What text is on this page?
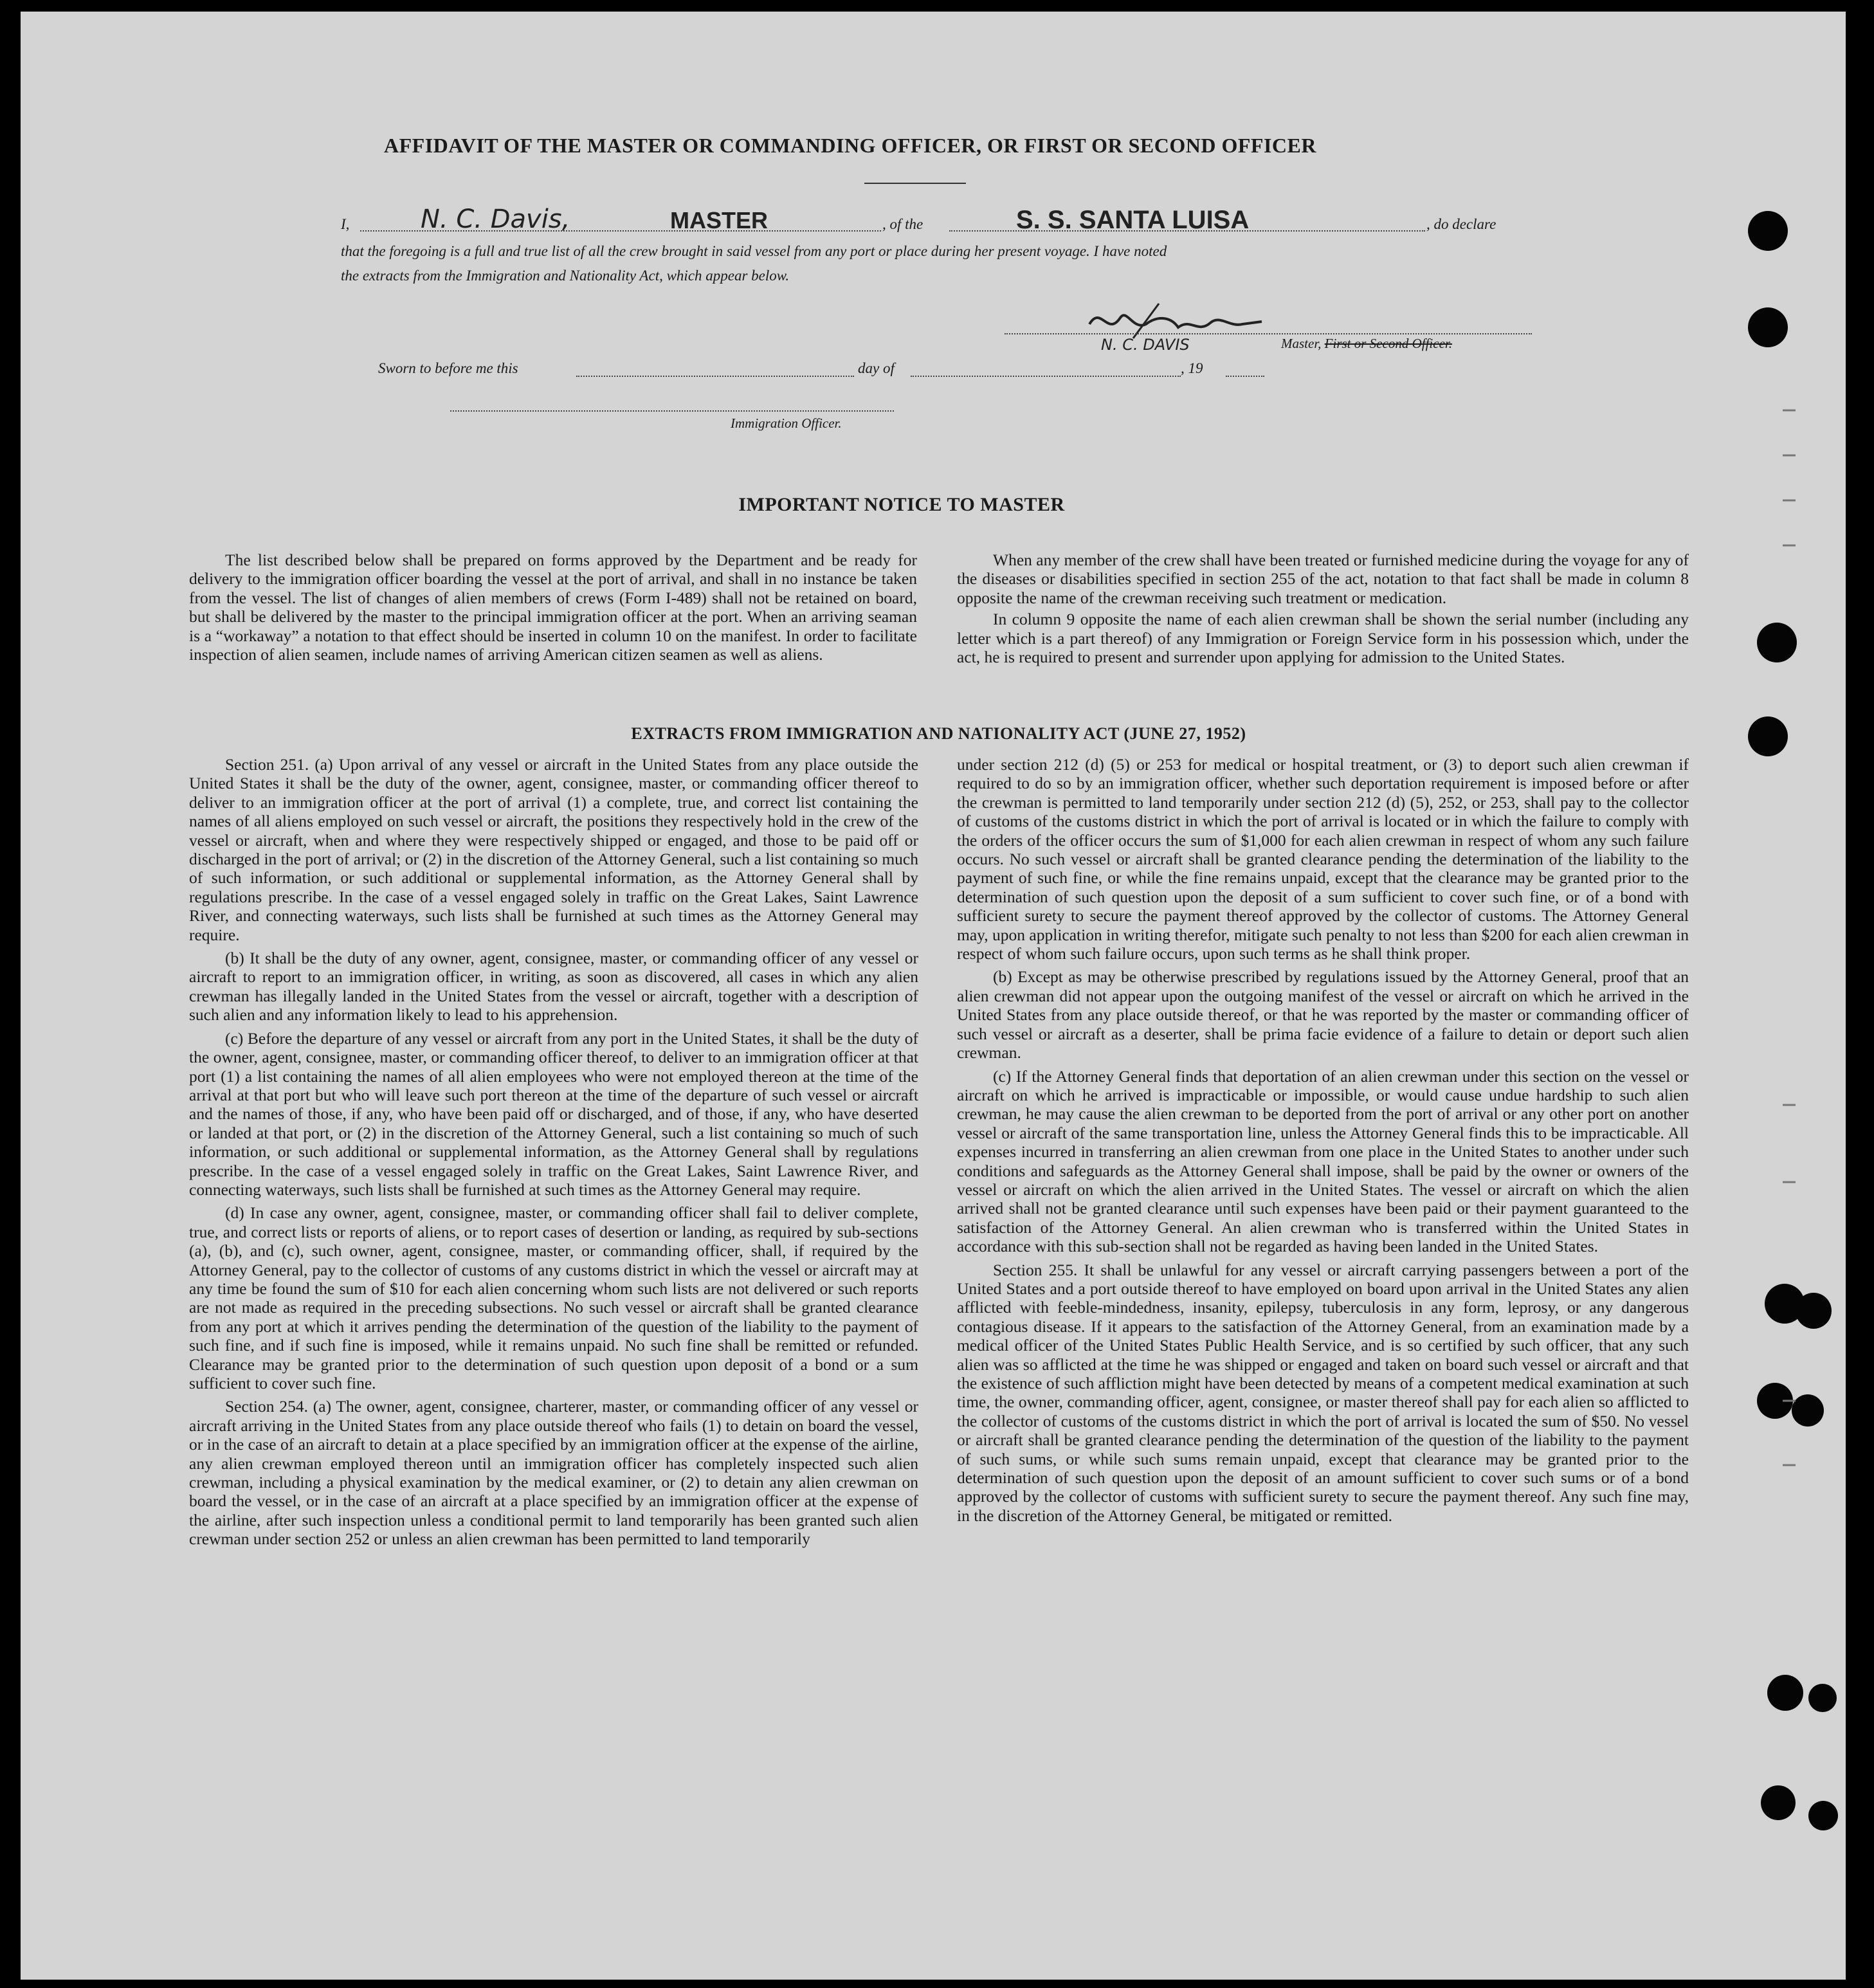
AFFIDAVIT OF THE MASTER OR COMMANDING OFFICER, OR FIRST OR SECOND OFFICER
I,	N. C. Davis,	MASTER	, of the	S. S. SANTA LUISA	, do declare
that the foregoing is a full and true list of all the crew brought in said vessel from any port or place during her present voyage. I have noted
the extracts from the Immigration and Nationality Act, which appear below.
N. C. DAVIS	Master, First or Second Officer.
Sworn to before me this	day of	, 19
Immigration Officer.
IMPORTANT NOTICE TO MASTER

The list described below shall be prepared on forms approved by the Department and be ready for delivery to the immigration officer boarding the vessel at the port of arrival, and shall in no instance be taken from the vessel. The list of changes of alien members of crews (Form I-489) shall not be retained on board, but shall be delivered by the master to the principal immigration officer at the port. When an arriving seaman is a “workaway” a notation to that effect should be inserted in column 10 on the manifest. In order to facilitate inspection of alien seamen, include names of arriving American citizen seamen as well as aliens.

When any member of the crew shall have been treated or furnished medicine during the voyage for any of the diseases or disabilities specified in section 255 of the act, notation to that fact shall be made in column 8 opposite the name of the crewman receiving such treatment or medication.

In column 9 opposite the name of each alien crewman shall be shown the serial number (including any letter which is a part thereof) of any Immigration or Foreign Service form in his possession which, under the act, he is required to present and surrender upon applying for admission to the United States.

EXTRACTS FROM IMMIGRATION AND NATIONALITY ACT (JUNE 27, 1952)

Section 251. (a) Upon arrival of any vessel or aircraft in the United States from any place outside the United States it shall be the duty of the owner, agent, consignee, master, or commanding officer thereof to deliver to an immigration officer at the port of arrival (1) a complete, true, and correct list containing the names of all aliens employed on such vessel or aircraft, the positions they respectively hold in the crew of the vessel or aircraft, when and where they were respectively shipped or engaged, and those to be paid off or discharged in the port of arrival; or (2) in the discretion of the Attorney General, such a list containing so much of such information, or such additional or supplemental information, as the Attorney General shall by regulations prescribe. In the case of a vessel engaged solely in traffic on the Great Lakes, Saint Lawrence River, and connecting waterways, such lists shall be furnished at such times as the Attorney General may require.

(b) It shall be the duty of any owner, agent, consignee, master, or commanding officer of any vessel or aircraft to report to an immigration officer, in writing, as soon as discovered, all cases in which any alien crewman has illegally landed in the United States from the vessel or aircraft, together with a description of such alien and any information likely to lead to his apprehension.

(c) Before the departure of any vessel or aircraft from any port in the United States, it shall be the duty of the owner, agent, consignee, master, or commanding officer thereof, to deliver to an immigration officer at that port (1) a list containing the names of all alien employees who were not employed thereon at the time of the arrival at that port but who will leave such port thereon at the time of the departure of such vessel or aircraft and the names of those, if any, who have been paid off or discharged, and of those, if any, who have deserted or landed at that port, or (2) in the discretion of the Attorney General, such a list containing so much of such information, or such additional or supplemental information, as the Attorney General shall by regulations prescribe. In the case of a vessel engaged solely in traffic on the Great Lakes, Saint Lawrence River, and connecting waterways, such lists shall be furnished at such times as the Attorney General may require.

(d) In case any owner, agent, consignee, master, or commanding officer shall fail to deliver complete, true, and correct lists or reports of aliens, or to report cases of desertion or landing, as required by sub-sections (a), (b), and (c), such owner, agent, consignee, master, or commanding officer, shall, if required by the Attorney General, pay to the collector of customs of any customs district in which the vessel or aircraft may at any time be found the sum of $10 for each alien concerning whom such lists are not delivered or such reports are not made as required in the preceding subsections. No such vessel or aircraft shall be granted clearance from any port at which it arrives pending the determination of the question of the liability to the payment of such fine, and if such fine is imposed, while it remains unpaid. No such fine shall be remitted or refunded. Clearance may be granted prior to the determination of such question upon deposit of a bond or a sum sufficient to cover such fine.

Section 254. (a) The owner, agent, consignee, charterer, master, or commanding officer of any vessel or aircraft arriving in the United States from any place outside thereof who fails (1) to detain on board the vessel, or in the case of an aircraft to detain at a place specified by an immigration officer at the expense of the airline, any alien crewman employed thereon until an immigration officer has completely inspected such alien crewman, including a physical examination by the medical examiner, or (2) to detain any alien crewman on board the vessel, or in the case of an aircraft at a place specified by an immigration officer at the expense of the airline, after such inspection unless a conditional permit to land temporarily has been granted such alien crewman under section 252 or unless an alien crewman has been permitted to land temporarily

under section 212 (d) (5) or 253 for medical or hospital treatment, or (3) to deport such alien crewman if required to do so by an immigration officer, whether such deportation requirement is imposed before or after the crewman is permitted to land temporarily under section 212 (d) (5), 252, or 253, shall pay to the collector of customs of the customs district in which the port of arrival is located or in which the failure to comply with the orders of the officer occurs the sum of $1,000 for each alien crewman in respect of whom any such failure occurs. No such vessel or aircraft shall be granted clearance pending the determination of the liability to the payment of such fine, or while the fine remains unpaid, except that the clearance may be granted prior to the determination of such question upon the deposit of a sum sufficient to cover such fine, or of a bond with sufficient surety to secure the payment thereof approved by the collector of customs. The Attorney General may, upon application in writing therefor, mitigate such penalty to not less than $200 for each alien crewman in respect of whom such failure occurs, upon such terms as he shall think proper.

(b) Except as may be otherwise prescribed by regulations issued by the Attorney General, proof that an alien crewman did not appear upon the outgoing manifest of the vessel or aircraft on which he arrived in the United States from any place outside thereof, or that he was reported by the master or commanding officer of such vessel or aircraft as a deserter, shall be prima facie evidence of a failure to detain or deport such alien crewman.

(c) If the Attorney General finds that deportation of an alien crewman under this section on the vessel or aircraft on which he arrived is impracticable or impossible, or would cause undue hardship to such alien crewman, he may cause the alien crewman to be deported from the port of arrival or any other port on another vessel or aircraft of the same transportation line, unless the Attorney General finds this to be impracticable. All expenses incurred in transferring an alien crewman from one place in the United States to another under such conditions and safeguards as the Attorney General shall impose, shall be paid by the owner or owners of the vessel or aircraft on which the alien arrived in the United States. The vessel or aircraft on which the alien arrived shall not be granted clearance until such expenses have been paid or their payment guaranteed to the satisfaction of the Attorney General. An alien crewman who is transferred within the United States in accordance with this sub-section shall not be regarded as having been landed in the United States.

Section 255. It shall be unlawful for any vessel or aircraft carrying passengers between a port of the United States and a port outside thereof to have employed on board upon arrival in the United States any alien afflicted with feeble-mindedness, insanity, epilepsy, tuberculosis in any form, leprosy, or any dangerous contagious disease. If it appears to the satisfaction of the Attorney General, from an examination made by a medical officer of the United States Public Health Service, and is so certified by such officer, that any such alien was so afflicted at the time he was shipped or engaged and taken on board such vessel or aircraft and that the existence of such affliction might have been detected by means of a competent medical examination at such time, the owner, commanding officer, agent, consignee, or master thereof shall pay for each alien so afflicted to the collector of customs of the customs district in which the port of arrival is located the sum of $50. No vessel or aircraft shall be granted clearance pending the determination of the question of the liability to the payment of such sums, or while such sums remain unpaid, except that clearance may be granted prior to the determination of such question upon the deposit of an amount sufficient to cover such sums or of a bond approved by the collector of customs with sufficient surety to secure the payment thereof. Any such fine may, in the discretion of the Attorney General, be mitigated or remitted.
